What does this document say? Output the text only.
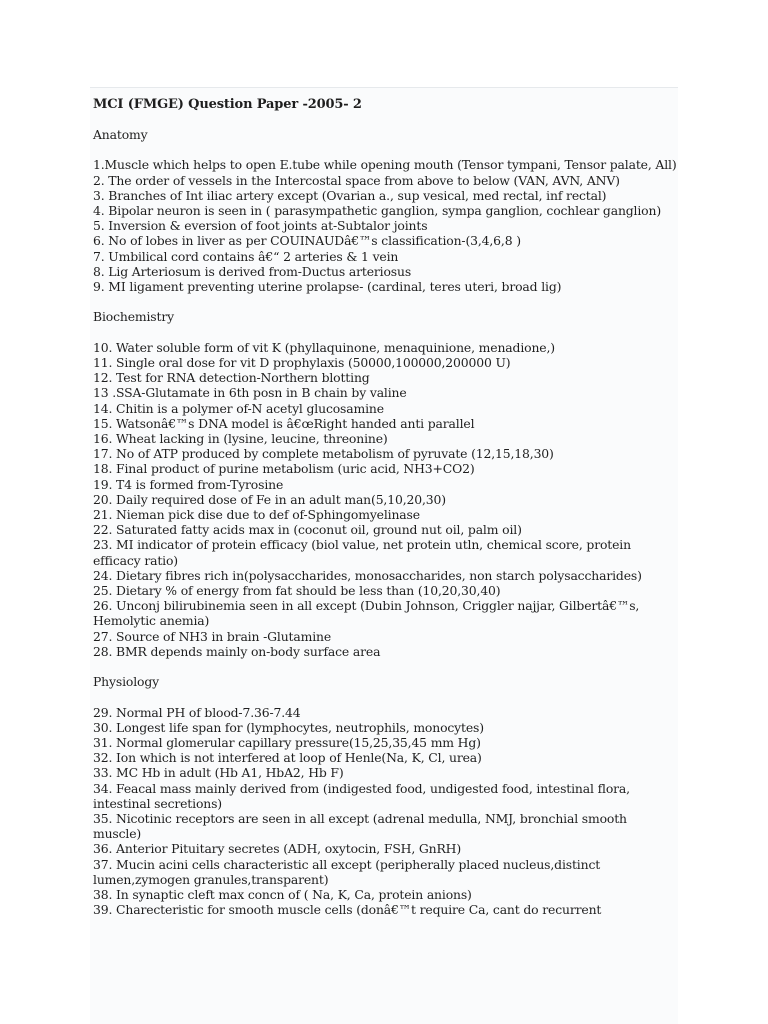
MCI (FMGE) Question Paper -2005- 2
Anatomy
1.Muscle which helps to open E.tube while opening mouth (Tensor tympani, Tensor palate, All)
2. The order of vessels in the Intercostal space from above to below (VAN, AVN, ANV)
3. Branches of Int iliac artery except (Ovarian a., sup vesical, med rectal, inf rectal)
4. Bipolar neuron is seen in ( parasympathetic ganglion, sympa ganglion, cochlear ganglion)
5. Inversion & eversion of foot joints at-Subtalor joints
6. No of lobes in liver as per COUINAUDâ€™s classification-(3,4,6,8 )
7. Umbilical cord contains â€“ 2 arteries & 1 vein
8. Lig Arteriosum is derived from-Ductus arteriosus
9. MI ligament preventing uterine prolapse- (cardinal, teres uteri, broad lig)
Biochemistry
10. Water soluble form of vit K (phyllaquinone, menaquinione, menadione,)
11. Single oral dose for vit D prophylaxis (50000,100000,200000 U)
12. Test for RNA detection-Northern blotting
13 .SSA-Glutamate in 6th posn in B chain by valine
14. Chitin is a polymer of-N acetyl glucosamine
15. Watsonâ€™s DNA model is â€œRight handed anti parallel
16. Wheat lacking in (lysine, leucine, threonine)
17. No of ATP produced by complete metabolism of pyruvate (12,15,18,30)
18. Final product of purine metabolism (uric acid, NH3+CO2)
19. T4 is formed from-Tyrosine
20. Daily required dose of Fe in an adult man(5,10,20,30)
21. Nieman pick dise due to def of-Sphingomyelinase
22. Saturated fatty acids max in (coconut oil, ground nut oil, palm oil)
23. MI indicator of protein efficacy (biol value, net protein utln, chemical score, protein efficacy ratio)
24. Dietary fibres rich in(polysaccharides, monosaccharides, non starch polysaccharides)
25. Dietary % of energy from fat should be less than (10,20,30,40)
26. Unconj bilirubinemia seen in all except (Dubin Johnson, Criggler najjar, Gilbertâ€™s, Hemolytic anemia)
27. Source of NH3 in brain -Glutamine
28. BMR depends mainly on-body surface area
Physiology
29. Normal PH of blood-7.36-7.44
30. Longest life span for (lymphocytes, neutrophils, monocytes)
31. Normal glomerular capillary pressure(15,25,35,45 mm Hg)
32. Ion which is not interfered at loop of Henle(Na, K, Cl, urea)
33. MC Hb in adult (Hb A1, HbA2, Hb F)
34. Feacal mass mainly derived from (indigested food, undigested food, intestinal flora, intestinal secretions)
35. Nicotinic receptors are seen in all except (adrenal medulla, NMJ, bronchial smooth muscle)
36. Anterior Pituitary secretes (ADH, oxytocin, FSH, GnRH)
37. Mucin acini cells characteristic all except (peripherally placed nucleus,distinct lumen,zymogen granules,transparent)
38. In synaptic cleft max concn of ( Na, K, Ca, protein anions)
39. Charecteristic for smooth muscle cells (donâ€™t require Ca, cant do recurrent
